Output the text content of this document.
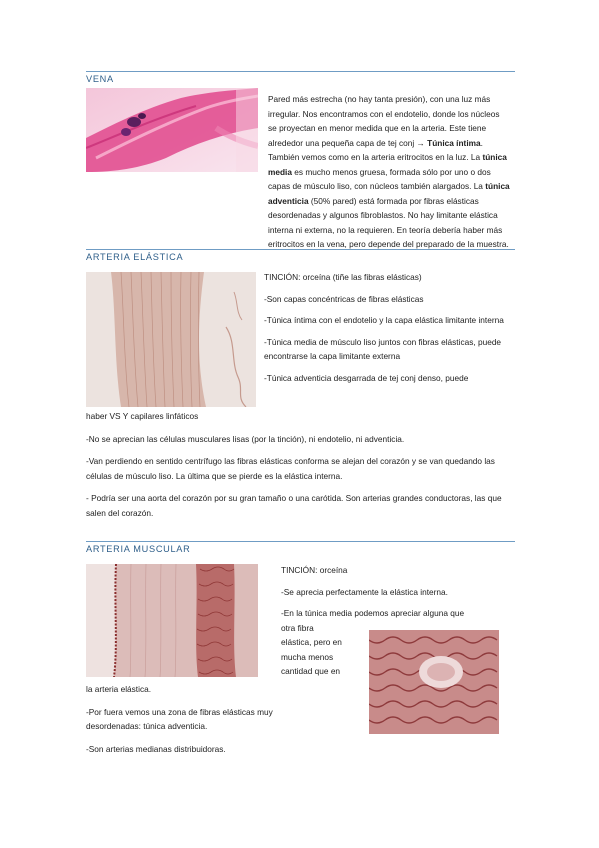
VENA

Pared más estrecha (no hay tanta presión), con una luz más irregular. Nos encontramos con el endotelio, donde los núcleos se proyectan en menor medida que en la arteria. Este tiene alrededor una pequeña capa de tej conj → Túnica íntima. También vemos como en la arteria eritrocitos en la luz. La túnica media es mucho menos gruesa, formada sólo por uno o dos capas de músculo liso, con núcleos también alargados. La túnica adventicia (50% pared) está formada por fibras elásticas desordenadas y algunos fibroblastos. No hay limitante elástica interna ni externa, no la requieren. En teoría debería haber más eritrocitos en la vena, pero depende del preparado de la muestra.

ARTERIA ELÁSTICA

TINCIÓN: orceína (tiñe las fibras elásticas)

-Son capas concéntricas de fibras elásticas

-Túnica íntima con el endotelio y la capa elástica limitante interna

-Túnica media de músculo liso juntos con fibras elásticas, puede encontrarse la capa limitante externa

-Túnica adventicia desgarrada de tej conj denso, puede

haber VS Y capilares linfáticos

-No se aprecian las células musculares lisas (por la tinción), ni endotelio, ni adventicia.

-Van perdiendo en sentido centrífugo las fibras elásticas conforma se alejan del corazón y se van quedando las células de músculo liso. La última que se pierde es la elástica interna.

- Podría ser una aorta del corazón por su gran tamaño o una carótida. Son arterias grandes conductoras, las que salen del corazón.

ARTERIA MUSCULAR

TINCIÓN: orceína

-Se aprecia perfectamente la elástica interna.

-En la túnica media podemos apreciar alguna que

otra fibra

elástica, pero en

mucha menos

cantidad que en

la arteria elástica.

-Por fuera vemos una zona de fibras elásticas muy desordenadas: túnica adventicia.

-Son arterias medianas distribuidoras.
